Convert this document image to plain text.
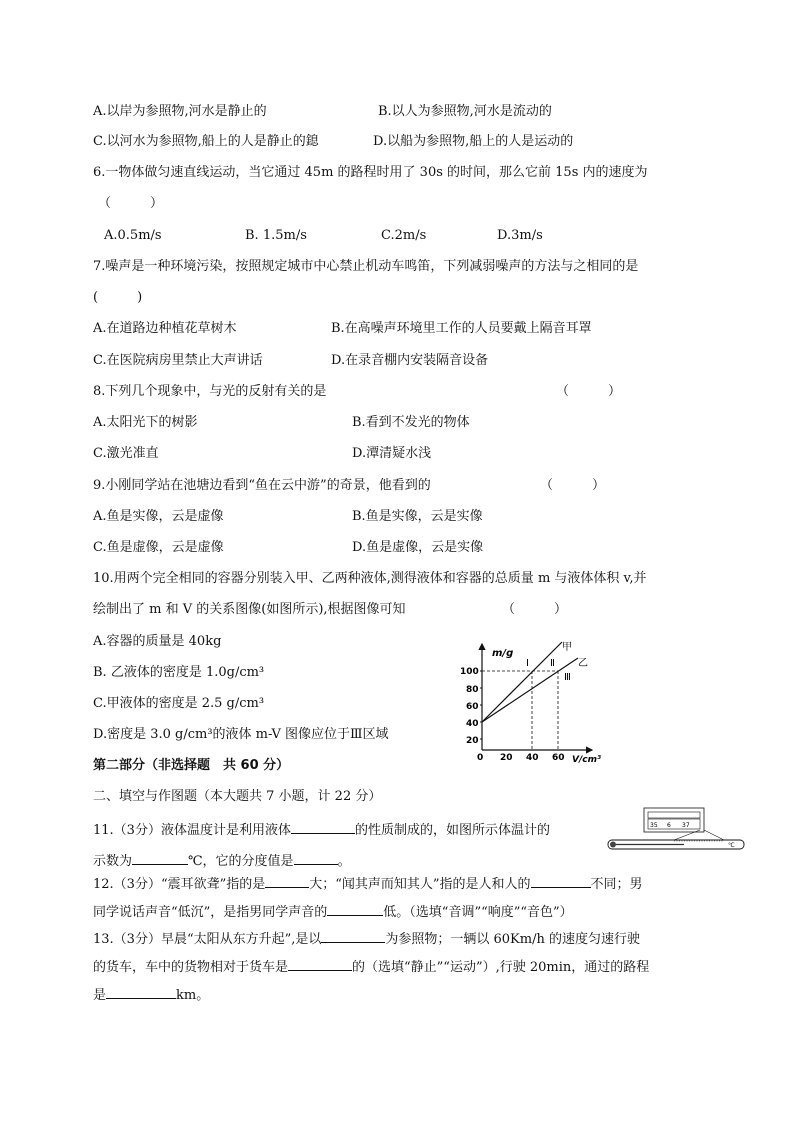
A.以岸为参照物,河水是静止的	B.以人为参照物,河水是流动的
C.以河水为参照物,船上的人是静止的鎴	D.以船为参照物,船上的人是运动的
6.一物体做匀速直线运动，当它通过 45m 的路程时用了 30s 的时间，那么它前 15s 内的速度为
（　　　）
A.0.5m/s	B. 1.5m/s	C.2m/s	D.3m/s
7.噪声是一种环境污染，按照规定城市中心禁止机动车鸣笛，下列减弱噪声的方法与之相同的是
(　　　)
A.在道路边种植花草树木	B.在高噪声环境里工作的人员要戴上隔音耳罩
C.在医院病房里禁止大声讲话	D.在录音棚内安装隔音设备
8.下列几个现象中，与光的反射有关的是	（　　　）
A.太阳光下的树影	B.看到不发光的物体
C.激光准直	D.潭清疑水浅
9.小刚同学站在池塘边看到“鱼在云中游”的奇景，他看到的	（　　　）
A.鱼是实像，云是虚像	B.鱼是实像，云是实像
C.鱼是虚像，云是虚像	D.鱼是虚像，云是实像
10.用两个完全相同的容器分别装入甲、乙两种液体,测得液体和容器的总质量 m 与液体体积 v,并
绘制出了 m 和 V 的关系图像(如图所示),根据图像可知	（　　　）
A.容器的质量是 40kg
B. 乙液体的密度是 1.0g/cm³
C.甲液体的密度是 2.5 g/cm³
D.密度是 3.0 g/cm³的液体 m-V 图像应位于Ⅲ区域
m/g
V/cm³
100
80
60
40
20
0 20 40 60
甲
乙
Ⅰ Ⅱ
Ⅲ
第二部分（非选择题　共 60 分）
二、填空与作图题（本大题共 7 小题，计 22 分）
11.（3分）液体温度计是利用液体	的性质制成的，如图所示体温计的
示数为	℃，它的分度值是	。
35 6 37
℃
12.（3分）“震耳欲聋”指的是	大；“闻其声而知其人”指的是人和人的	不同；男
同学说话声音“低沉”，是指男同学声音的	低。（选填“音调”“响度”“音色”）
13.（3分）早晨“太阳从东方升起”,是以	为参照物；一辆以 60Km/h 的速度匀速行驶
的货车，车中的货物相对于货车是	的（选填“静止”“运动”）,行驶 20min，通过的路程
是	km。
